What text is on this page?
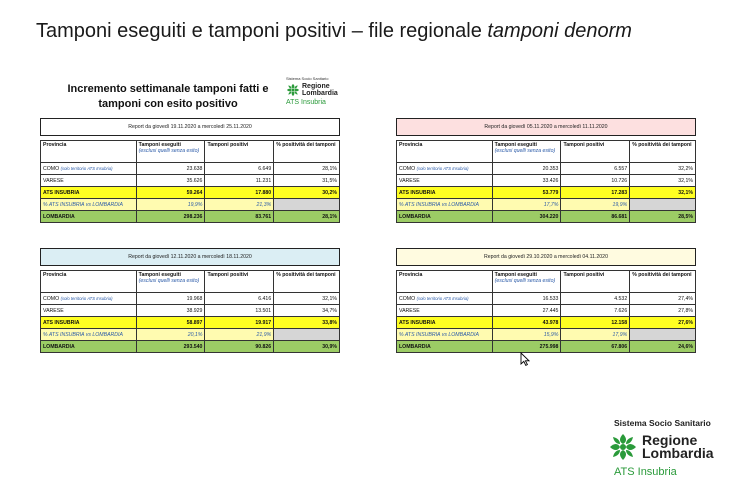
Tamponi eseguiti e tamponi positivi – file regionale tamponi denorm
Incremento settimanale tamponi fatti e tamponi con esito positivo
Sistema Socio Sanitario
Regione
Lombardia
ATS Insubria
Report da giovedì 19.11.2020 a mercoledì 25.11.2020
Provincia	Tamponi eseguiti
(esclusi quelli senza esito)	Tamponi positivi	% positività dei tamponi
COMO (solo territorio ATS Insubria)	23.638	6.649	28,1%
VARESE	35.626	11.231	31,5%
ATS INSUBRIA	59.264	17.880	30,2%
% ATS INSUBRIA vs LOMBARDIA	19,9%	21,3%	
LOMBARDIA	298.236	83.761	28,1%
Report da giovedì 05.11.2020 a mercoledì 11.11.2020
Provincia	Tamponi eseguiti
(esclusi quelli senza esito)	Tamponi positivi	% positività dei tamponi
COMO (solo territorio ATS Insubria)	20.353	6.557	32,2%
VARESE	33.426	10.726	32,1%
ATS INSUBRIA	53.779	17.283	32,1%
% ATS INSUBRIA vs LOMBARDIA	17,7%	19,9%	
LOMBARDIA	304.220	86.681	28,5%
Report da giovedì 12.11.2020 a mercoledì 18.11.2020
Provincia	Tamponi eseguiti
(esclusi quelli senza esito)	Tamponi positivi	% positività dei tamponi
COMO (solo territorio ATS Insubria)	19.968	6.416	32,1%
VARESE	38.929	13.501	34,7%
ATS INSUBRIA	58.897	19.917	33,8%
% ATS INSUBRIA vs LOMBARDIA	20,1%	21,9%	
LOMBARDIA	293.540	90.826	30,9%
Report da giovedì 29.10.2020 a mercoledì 04.11.2020
Provincia	Tamponi eseguiti
(esclusi quelli senza esito)	Tamponi positivi	% positività dei tamponi
COMO (solo territorio ATS Insubria)	16.533	4.532	27,4%
VARESE	27.445	7.626	27,8%
ATS INSUBRIA	43.978	12.158	27,6%
% ATS INSUBRIA vs LOMBARDIA	15,9%	17,9%	
LOMBARDIA	275.998	67.806	24,6%
Sistema Socio Sanitario
Regione
Lombardia
ATS Insubria
